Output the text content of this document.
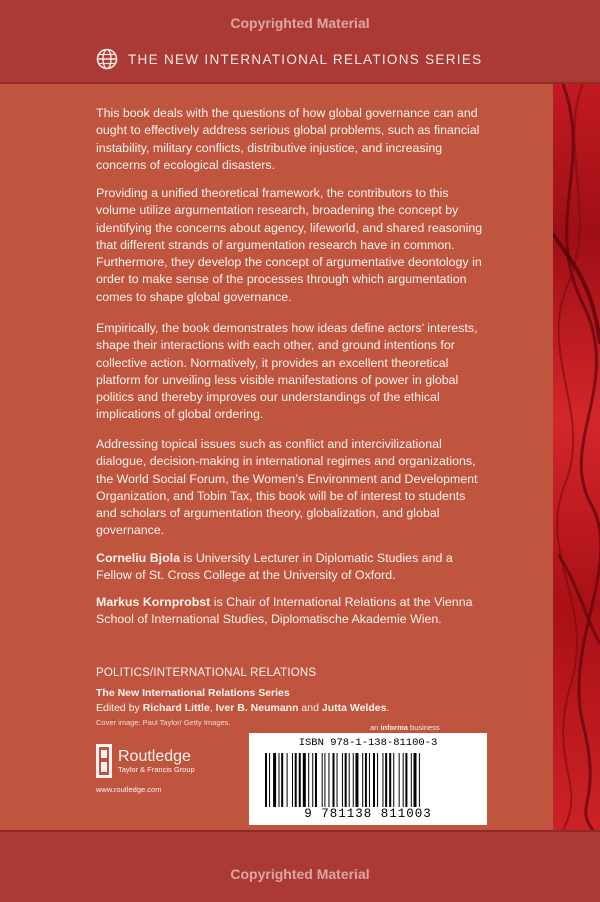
Copyrighted Material
THE NEW INTERNATIONAL RELATIONS SERIES
Copyrighted Material
This book deals with the questions of how global governance can and ought to effectively address serious global problems, such as financial instability, military conflicts, distributive injustice, and increasing concerns of ecological disasters.
Providing a unified theoretical framework, the contributors to this volume utilize argumentation research, broadening the concept by identifying the concerns about agency, lifeworld, and shared reasoning that different strands of argumentation research have in common. Furthermore, they develop the concept of argumentative deontology in order to make sense of the processes through which argumentation comes to shape global governance.
Empirically, the book demonstrates how ideas define actors’ interests, shape their interactions with each other, and ground intentions for collective action. Normatively, it provides an excellent theoretical platform for unveiling less visible manifestations of power in global politics and thereby improves our understandings of the ethical implications of global ordering.
Addressing topical issues such as conflict and intercivilizational dialogue, decision-making in international regimes and organizations, the World Social Forum, the Women’s Environment and Development Organization, and Tobin Tax, this book will be of interest to students and scholars of argumentation theory, globalization, and global governance.
Corneliu Bjola is University Lecturer in Diplomatic Studies and a Fellow of St. Cross College at the University of Oxford.
Markus Kornprobst is Chair of International Relations at the Vienna School of International Studies, Diplomatische Akademie Wien.
POLITICS/INTERNATIONAL RELATIONS
The New International Relations Series
Edited by Richard Little, Iver B. Neumann and Jutta Weldes.
Cover image: Paul Taylor/ Getty Images.
an informa business
Routledge
Taylor & Francis Group
www.routledge.com
ISBN 978-1-138-81100-3
9 781138 811003
